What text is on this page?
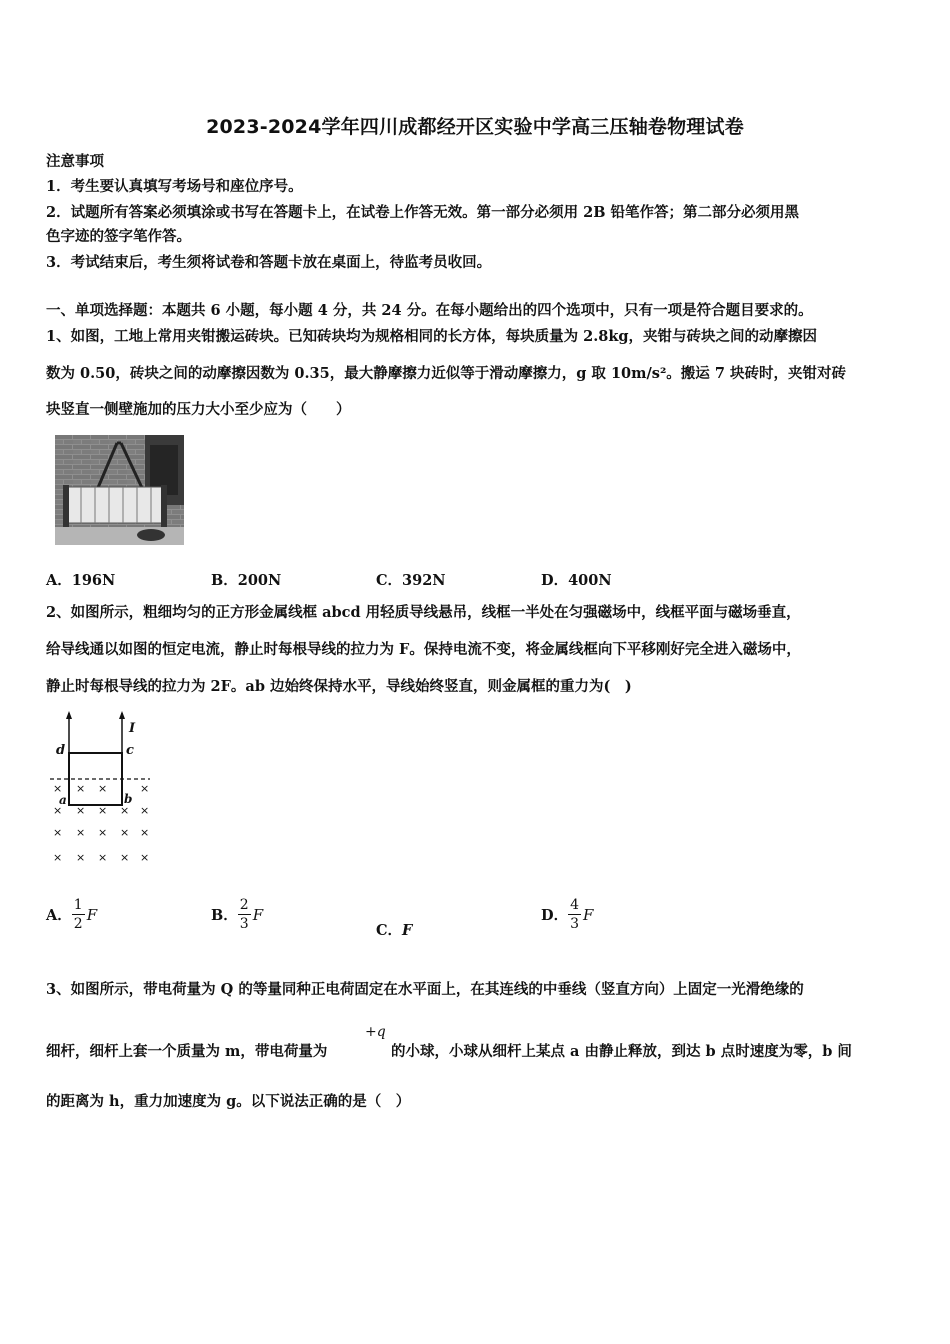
2023-2024学年四川成都经开区实验中学高三压轴卷物理试卷
注意事项
1．考生要认真填写考场号和座位序号。
2．试题所有答案必须填涂或书写在答题卡上，在试卷上作答无效。第一部分必须用 2B 铅笔作答；第二部分必须用黑
色字迹的签字笔作答。
3．考试结束后，考生须将试卷和答题卡放在桌面上，待监考员收回。
一、单项选择题：本题共 6 小题，每小题 4 分，共 24 分。在每小题给出的四个选项中，只有一项是符合题目要求的。
1、如图，工地上常用夹钳搬运砖块。已知砖块均为规格相同的长方体，每块质量为 2.8kg，夹钳与砖块之间的动摩擦因
数为 0.50，砖块之间的动摩擦因数为 0.35，最大静摩擦力近似等于滑动摩擦力，g 取 10m/s²。搬运 7 块砖时，夹钳对砖
块竖直一侧壁施加的压力大小至少应为（　　）
A．196N	B．200N	C．392N	D．400N
2、如图所示，粗细均匀的正方形金属线框 abcd 用轻质导线悬吊，线框一半处在匀强磁场中，线框平面与磁场垂直，
给导线通以如图的恒定电流，静止时每根导线的拉力为 F。保持电流不变，将金属线框向下平移刚好完全进入磁场中，
静止时每根导线的拉力为 2F。ab 边始终保持水平，导线始终竖直，则金属框的重力为(　)
× × ×	×
× × × × ×
× × × × ×
× × × × ×
I
d	c
a	b
A． $\frac{1}{2}$ F	B． $\frac{2}{3}$ F
C．F
D． $\frac{4}{3}$ F
3、如图所示，带电荷量为 Q 的等量同种正电荷固定在水平面上，在其连线的中垂线（竖直方向）上固定一光滑绝缘的
+q
细杆，细杆上套一个质量为 m，带电荷量为	的小球，小球从细杆上某点 a 由静止释放，到达 b 点时速度为零，b 间
的距离为 h，重力加速度为 g。以下说法正确的是（　）
